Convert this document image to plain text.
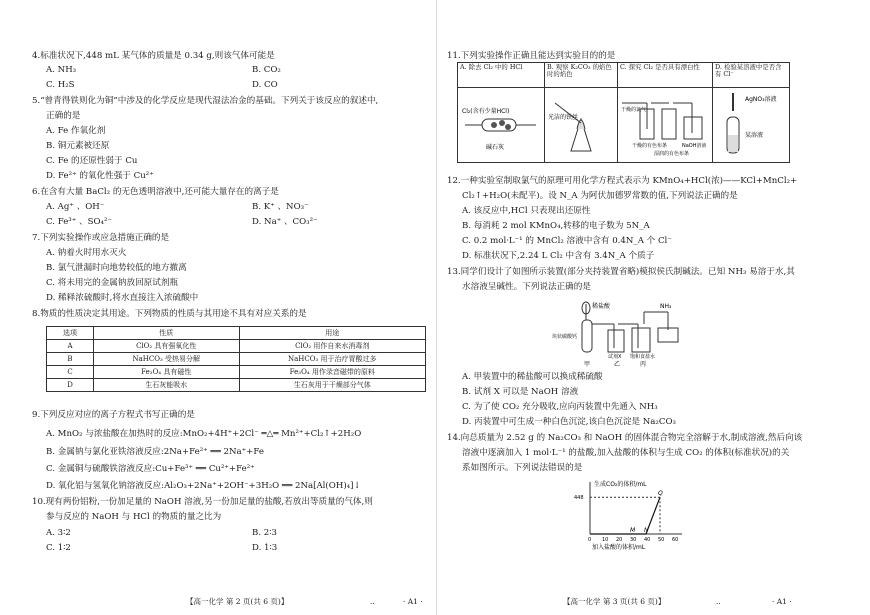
4.标准状况下,448 mL 某气体的质量是 0.34 g,则该气体可能是
A. NH₃	B. CO₂
C. H₂S	D. CO
5.“曾青得铁则化为铜”中涉及的化学反应是现代湿法冶金的基础。下列关于该反应的叙述中,
正确的是
A. Fe 作氧化剂
B. 铜元素被还原
C. Fe 的还原性弱于 Cu
D. Fe²⁺ 的氧化性强于 Cu²⁺
6.在含有大量 BaCl₂ 的无色透明溶液中,还可能大量存在的离子是
A. Ag⁺ 、OH⁻	B. K⁺ 、NO₃⁻
C. Fe³⁺ 、SO₄²⁻	D. Na⁺ 、CO₃²⁻
7.下列实验操作或应急措施正确的是
A. 钠着火时用水灭火
B. 氯气泄漏时向地势较低的地方撤离
C. 将未用完的金属钠放回原试剂瓶
D. 稀释浓硫酸时,将水直接注入浓硫酸中
8.物质的性质决定其用途。下列物质的性质与其用途不具有对应关系的是
选项	性质	用途
A	ClO₂ 具有强氧化性	ClO₂ 用作自来水消毒剂
B	NaHCO₃ 受热易分解	NaHCO₃ 用于治疗胃酸过多
C	Fe₃O₄ 具有磁性	Fe₃O₄ 用作录音磁带的原料
D	生石灰能吸水	生石灰用于干燥部分气体
9.下列反应对应的离子方程式书写正确的是
A. MnO₂ 与浓盐酸在加热时的反应:MnO₂+4H⁺+2Cl⁻ ═△═ Mn²⁺+Cl₂↑+2H₂O
B. 金属钠与氯化亚铁溶液反应:2Na+Fe²⁺ ══ 2Na⁺+Fe
C. 金属铜与硫酸铁溶液反应:Cu+Fe³⁺ ══ Cu²⁺+Fe²⁺
D. 氧化铝与氢氧化钠溶液反应:Al₂O₃+2Na⁺+2OH⁻+3H₂O ══ 2Na[Al(OH)₄]↓
10.现有两份铝粉,一份加足量的 NaOH 溶液,另一份加足量的盐酸,若放出等质量的气体,则
参与反应的 NaOH 与 HCl 的物质的量之比为
A. 3∶2	B. 2∶3
C. 1∶2	D. 1∶3
【高一化学 第 2 页(共 6 页)】	..	· A1 ·
11.下列实验操作正确且能达到实验目的的是
A. 除去 Cl₂ 中的 HCl	B. 观察 K₂CO₃ 的焰色时的焰色	C. 探究 Cl₂ 是否具有漂白性	D. 检验某溶液中是否含有 Cl⁻

Cl₂(含有少量HCl)
碱石灰	光洁的铁丝	干燥的氯气
干燥的有色布条
湿润的有色布条
NaOH溶液	AgNO₃溶液
某溶液
12.一种实验室制取氯气的原理可用化学方程式表示为 KMnO₄+HCl(浓)——KCl+MnCl₂+
Cl₂↑+H₂O(未配平)。设 N_A 为阿伏加德罗常数的值,下列说法正确的是
A. 该反应中,HCl 只表现出还原性
B. 每消耗 2 mol KMnO₄,转移的电子数为 5N_A
C. 0.2 mol·L⁻¹ 的 MnCl₂ 溶液中含有 0.4N_A 个 Cl⁻
D. 标准状况下,2.24 L Cl₂ 中含有 3.4N_A 个质子
13.同学们设计了如图所示装置(部分夹持装置省略)模拟侯氏制碱法。已知 NH₃ 易溶于水,其
水溶液呈碱性。下列说法正确的是
稀盐酸	NH₃
块状碳酸钙
试剂X 饱和食盐水
甲	乙	丙
A. 甲装置中的稀盐酸可以换成稀硫酸
B. 试剂 X 可以是 NaOH 溶液
C. 为了使 CO₂ 充分吸收,应向丙装置中先通入 NH₃
D. 丙装置中可生成一种白色沉淀,该白色沉淀是 Na₂CO₃
14.向总质量为 2.52 g 的 Na₂CO₃ 和 NaOH 的固体混合物完全溶解于水,制成溶液,然后向该
溶液中逐滴加入 1 mol·L⁻¹ 的盐酸,加入盐酸的体积与生成 CO₂ 的体积(标准状况)的关
系如图所示。下列说法错误的是
生成CO₂的体积/mL
加入盐酸的体积/mL
0 10 20 30 40 50 60
448
M N
Q
【高一化学 第 3 页(共 6 页)】	..	· A1 ·
